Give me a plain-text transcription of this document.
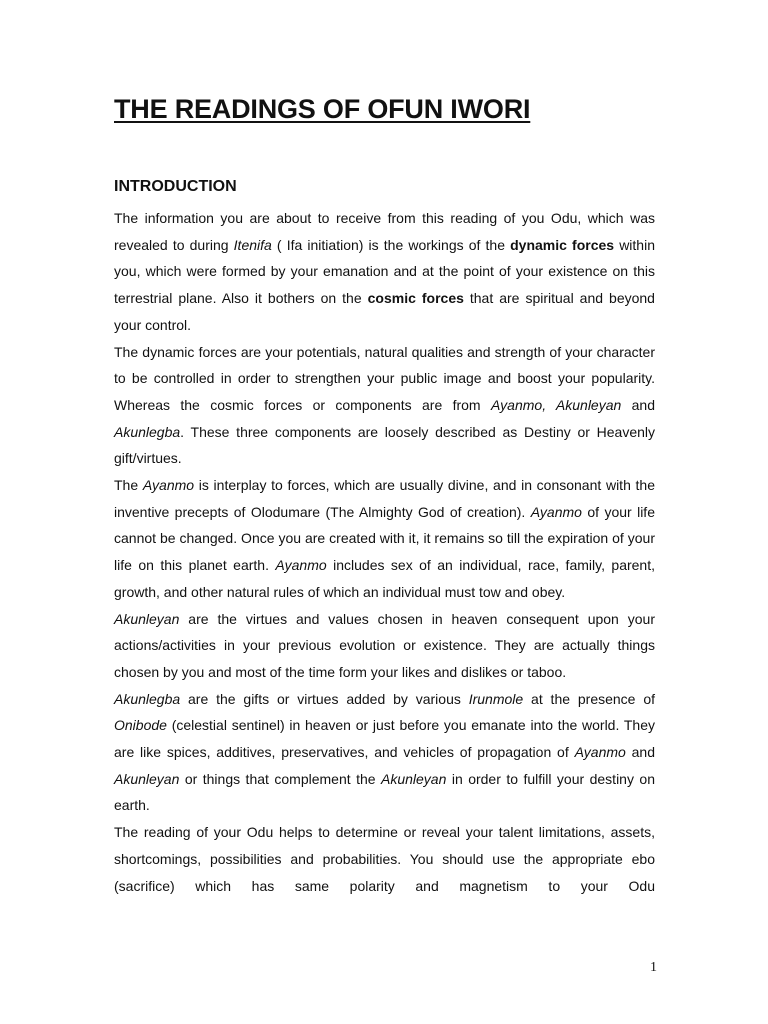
THE READINGS OF OFUN IWORI
INTRODUCTION

The information you are about to receive from this reading of you Odu, which was revealed to during Itenifa ( Ifa initiation) is the workings of the dynamic forces within you, which were formed by your emanation and at the point of your existence on this terrestrial plane. Also it bothers on the cosmic forces that are spiritual and beyond your control.

The dynamic forces are your potentials, natural qualities and strength of your character to be controlled in order to strengthen your public image and boost your popularity. Whereas the cosmic forces or components are from Ayanmo, Akunleyan and Akunlegba. These three components are loosely described as Destiny or Heavenly gift/virtues.

The Ayanmo is interplay to forces, which are usually divine, and in consonant with the inventive precepts of Olodumare (The Almighty God of creation). Ayanmo of your life cannot be changed. Once you are created with it, it remains so till the expiration of your life on this planet earth. Ayanmo includes sex of an individual, race, family, parent, growth, and other natural rules of which an individual must tow and obey.

Akunleyan are the virtues and values chosen in heaven consequent upon your actions/activities in your previous evolution or existence. They are actually things chosen by you and most of the time form your likes and dislikes or taboo.

Akunlegba are the gifts or virtues added by various Irunmole at the presence of Onibode (celestial sentinel) in heaven or just before you emanate into the world. They are like spices, additives, preservatives, and vehicles of propagation of Ayanmo and Akunleyan or things that complement the Akunleyan in order to fulfill your destiny on earth.

The reading of your Odu helps to determine or reveal your talent limitations, assets, shortcomings, possibilities and probabilities. You should use the appropriate ebo (sacrifice) which has same polarity and magnetism to your Odu

1
